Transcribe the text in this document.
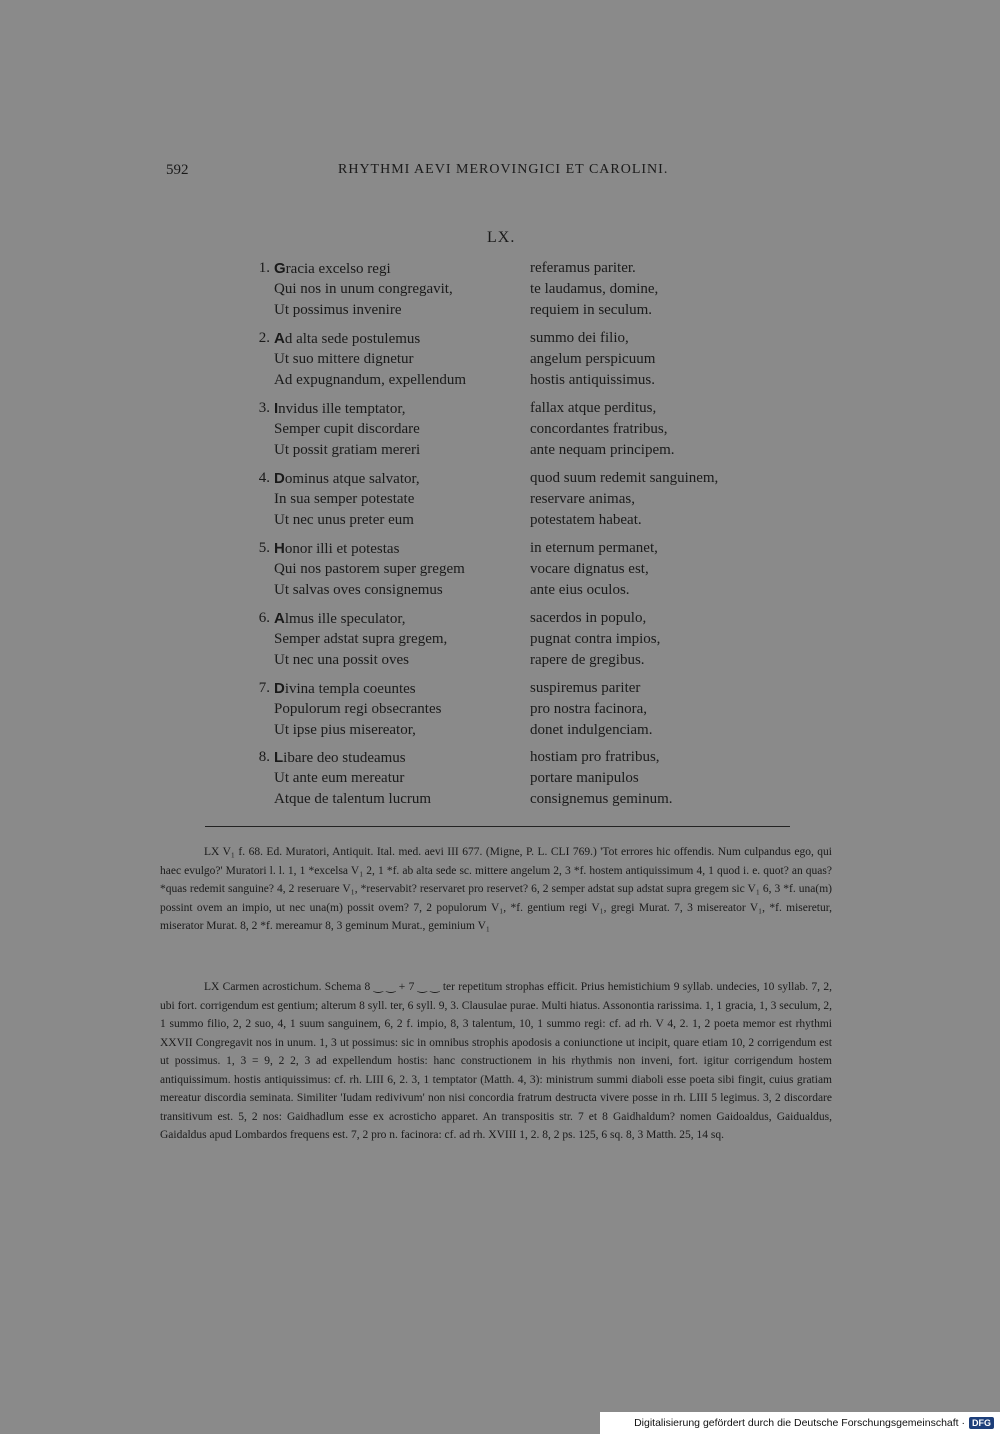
592	RHYTHMI AEVI MEROVINGICI ET CAROLINI.
LX.
1. Gracia excelso regi	referamus pariter.
Qui nos in unum congregavit,	te laudamus, domine,
Ut possimus invenire	requiem in seculum.
2. Ad alta sede postulemus	summo dei filio,
Ut suo mittere dignetur	angelum perspicuum
Ad expugnandum, expellendum	hostis antiquissimus.
3. Invidus ille temptator,	fallax atque perditus,
Semper cupit discordare	concordantes fratribus,
Ut possit gratiam mereri	ante nequam principem.
4. Dominus atque salvator,	quod suum redemit sanguinem,
In sua semper potestate	reservare animas,
Ut nec unus preter eum	potestatem habeat.
5. Honor illi et potestas	in eternum permanet,
Qui nos pastorem super gregem	vocare dignatus est,
Ut salvas oves consignemus	ante eius oculos.
6. Almus ille speculator,	sacerdos in populo,
Semper adstat supra gregem,	pugnat contra impios,
Ut nec una possit oves	rapere de gregibus.
7. Divina templa coeuntes	suspiremus pariter
Populorum regi obsecrantes	pro nostra facinora,
Ut ipse pius misereator,	donet indulgenciam.
8. Libare deo studeamus	hostiam pro fratribus,
Ut ante eum mereatur	portare manipulos
Atque de talentum lucrum	consignemus geminum.

LX V₁ f. 68. Ed. Muratori, Antiquit. Ital. med. aevi III 677. (Migne, P. L. CLI 769.) 'Tot errores hic offendis. Num culpandus ego, qui haec evulgo?' Muratori l. l. 1, 1 *excelsa V₁ 2, 1 *f. ab alta sede sc. mittere angelum 2, 3 *f. hostem antiquissimum 4, 1 quod i. e. quot? an quas? *quas redemit sanguine? 4, 2 reseruare V₁, *reservabit? reservaret pro reservet? 6, 2 semper adstat sup adstat supra gregem sic V₁ 6, 3 *f. una(m) possint ovem an impio, ut nec una(m) possit ovem? 7, 2 populorum V₁, *f. gentium regi V₁, gregi Murat. 7, 3 misereator V₁, *f. miseretur, miserator Murat. 8, 2 *f. mereamur 8, 3 geminum Murat., geminium V₁

LX Carmen acrostichum. Schema 8 ‿ ‿ + 7 ‿ ‿ ter repetitum strophas efficit. Prius hemistichium 9 syllab. undecies, 10 syllab. 7, 2, ubi fort. corrigendum est gentium; alterum 8 syll. ter, 6 syll. 9, 3. Clausulae purae. Multi hiatus. Assonontia rarissima. 1, 1 gracia, 1, 3 seculum, 2, 1 summo filio, 2, 2 suo, 4, 1 suum sanguinem, 6, 2 f. impio, 8, 3 talentum, 10, 1 summo regi: cf. ad rh. V 4, 2. 1, 2 poeta memor est rhythmi XXVII Congregavit nos in unum. 1, 3 ut possimus: sic in omnibus strophis apodosis a coniunctione ut incipit, quare etiam 10, 2 corrigendum est ut possimus. 1, 3 = 9, 2 2, 3 ad expellendum hostis: hanc constructionem in his rhythmis non inveni, fort. igitur corrigendum hostem antiquissimum. hostis antiquissimus: cf. rh. LIII 6, 2. 3, 1 temptator (Matth. 4, 3): ministrum summi diaboli esse poeta sibi fingit, cuius gratiam mereatur discordia seminata. Similiter 'Iudam redivivum' non nisi concordia fratrum destructa vivere posse in rh. LIII 5 legimus. 3, 2 discordare transitivum est. 5, 2 nos: Gaidhadlum esse ex acrosticho apparet. An transpositis str. 7 et 8 Gaidhaldum? nomen Gaidoaldus, Gaidualdus, Gaidaldus apud Lombardos frequens est. 7, 2 pro n. facinora: cf. ad rh. XVIII 1, 2. 8, 2 ps. 125, 6 sq. 8, 3 Matth. 25, 14 sq.

Digitalisierung gefördert durch die Deutsche Forschungsgemeinschaft · DFG
